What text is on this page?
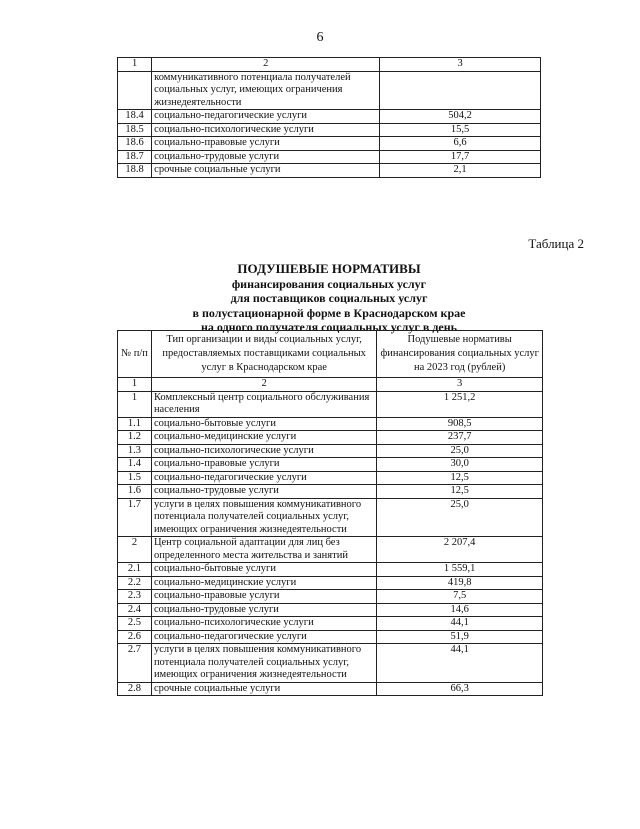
6
1	2	3
	коммуникативного потенциала получателей социальных услуг, имеющих ограничения жизнедеятельности	
18.4	социально-педагогические услуги	504,2
18.5	социально-психологические услуги	15,5
18.6	социально-правовые услуги	6,6
18.7	социально-трудовые услуги	17,7
18.8	срочные социальные услуги	2,1
Таблица 2
ПОДУШЕВЫЕ НОРМАТИВЫ
финансирования социальных услуг
для поставщиков социальных услуг
в полустационарной форме в Краснодарском крае
на одного получателя социальных услуг в день
№ п/п	Тип организации и виды социальных услуг, предоставляемых поставщиками социальных услуг в Краснодарском крае	Подушевые нормативы финансирования социальных услуг на 2023 год (рублей)
1	2	3
1	Комплексный центр социального обслуживания населения	1 251,2
1.1	социально-бытовые услуги	908,5
1.2	социально-медицинские услуги	237,7
1.3	социально-психологические услуги	25,0
1.4	социально-правовые услуги	30,0
1.5	социально-педагогические услуги	12,5
1.6	социально-трудовые услуги	12,5
1.7	услуги в целях повышения коммуникативного потенциала получателей социальных услуг, имеющих ограничения жизнедеятельности	25,0
2	Центр социальной адаптации для лиц без определенного места жительства и занятий	2 207,4
2.1	социально-бытовые услуги	1 559,1
2.2	социально-медицинские услуги	419,8
2.3	социально-правовые услуги	7,5
2.4	социально-трудовые услуги	14,6
2.5	социально-психологические услуги	44,1
2.6	социально-педагогические услуги	51,9
2.7	услуги в целях повышения коммуникативного потенциала получателей социальных услуг, имеющих ограничения жизнедеятельности	44,1
2.8	срочные социальные услуги	66,3
